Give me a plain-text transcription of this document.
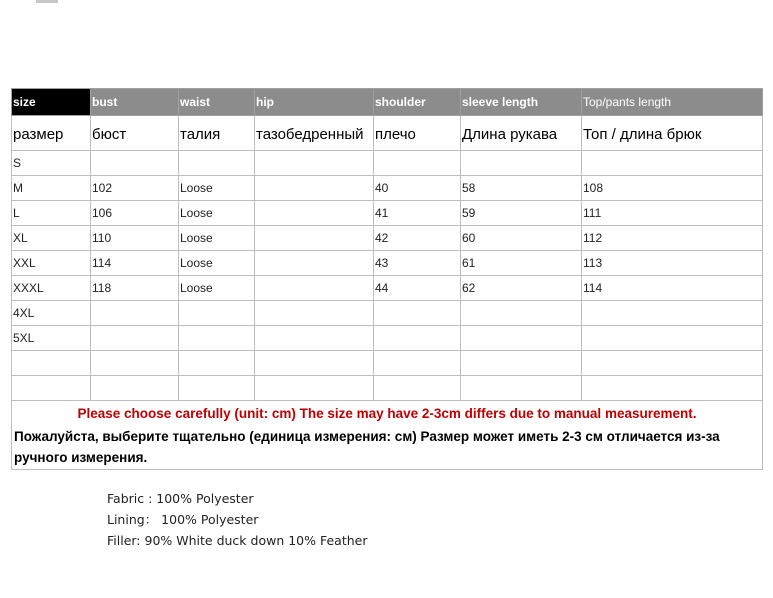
size	bust	waist	hip	shoulder	sleeve length	Top/pants length
размер	бюст	талия	тазобедренный	плечо	Длина рукава	Топ / длина брюк
S						
M	102	Loose		40	58	108
L	106	Loose		41	59	111
XL	110	Loose		42	60	112
XXL	114	Loose		43	61	113
XXXL	118	Loose		44	62	114
4XL						
5XL						

Please choose carefully (unit: cm) The size may have 2-3cm differs due to manual measurement.
Пожалуйста, выберите тщательно (единица измерения: см) Размер может иметь 2-3 см отличается из-за ручного измерения.						
Fabric : 100% Polyester
Lining： 100% Polyester
Filler: 90% White duck down 10% Feather
